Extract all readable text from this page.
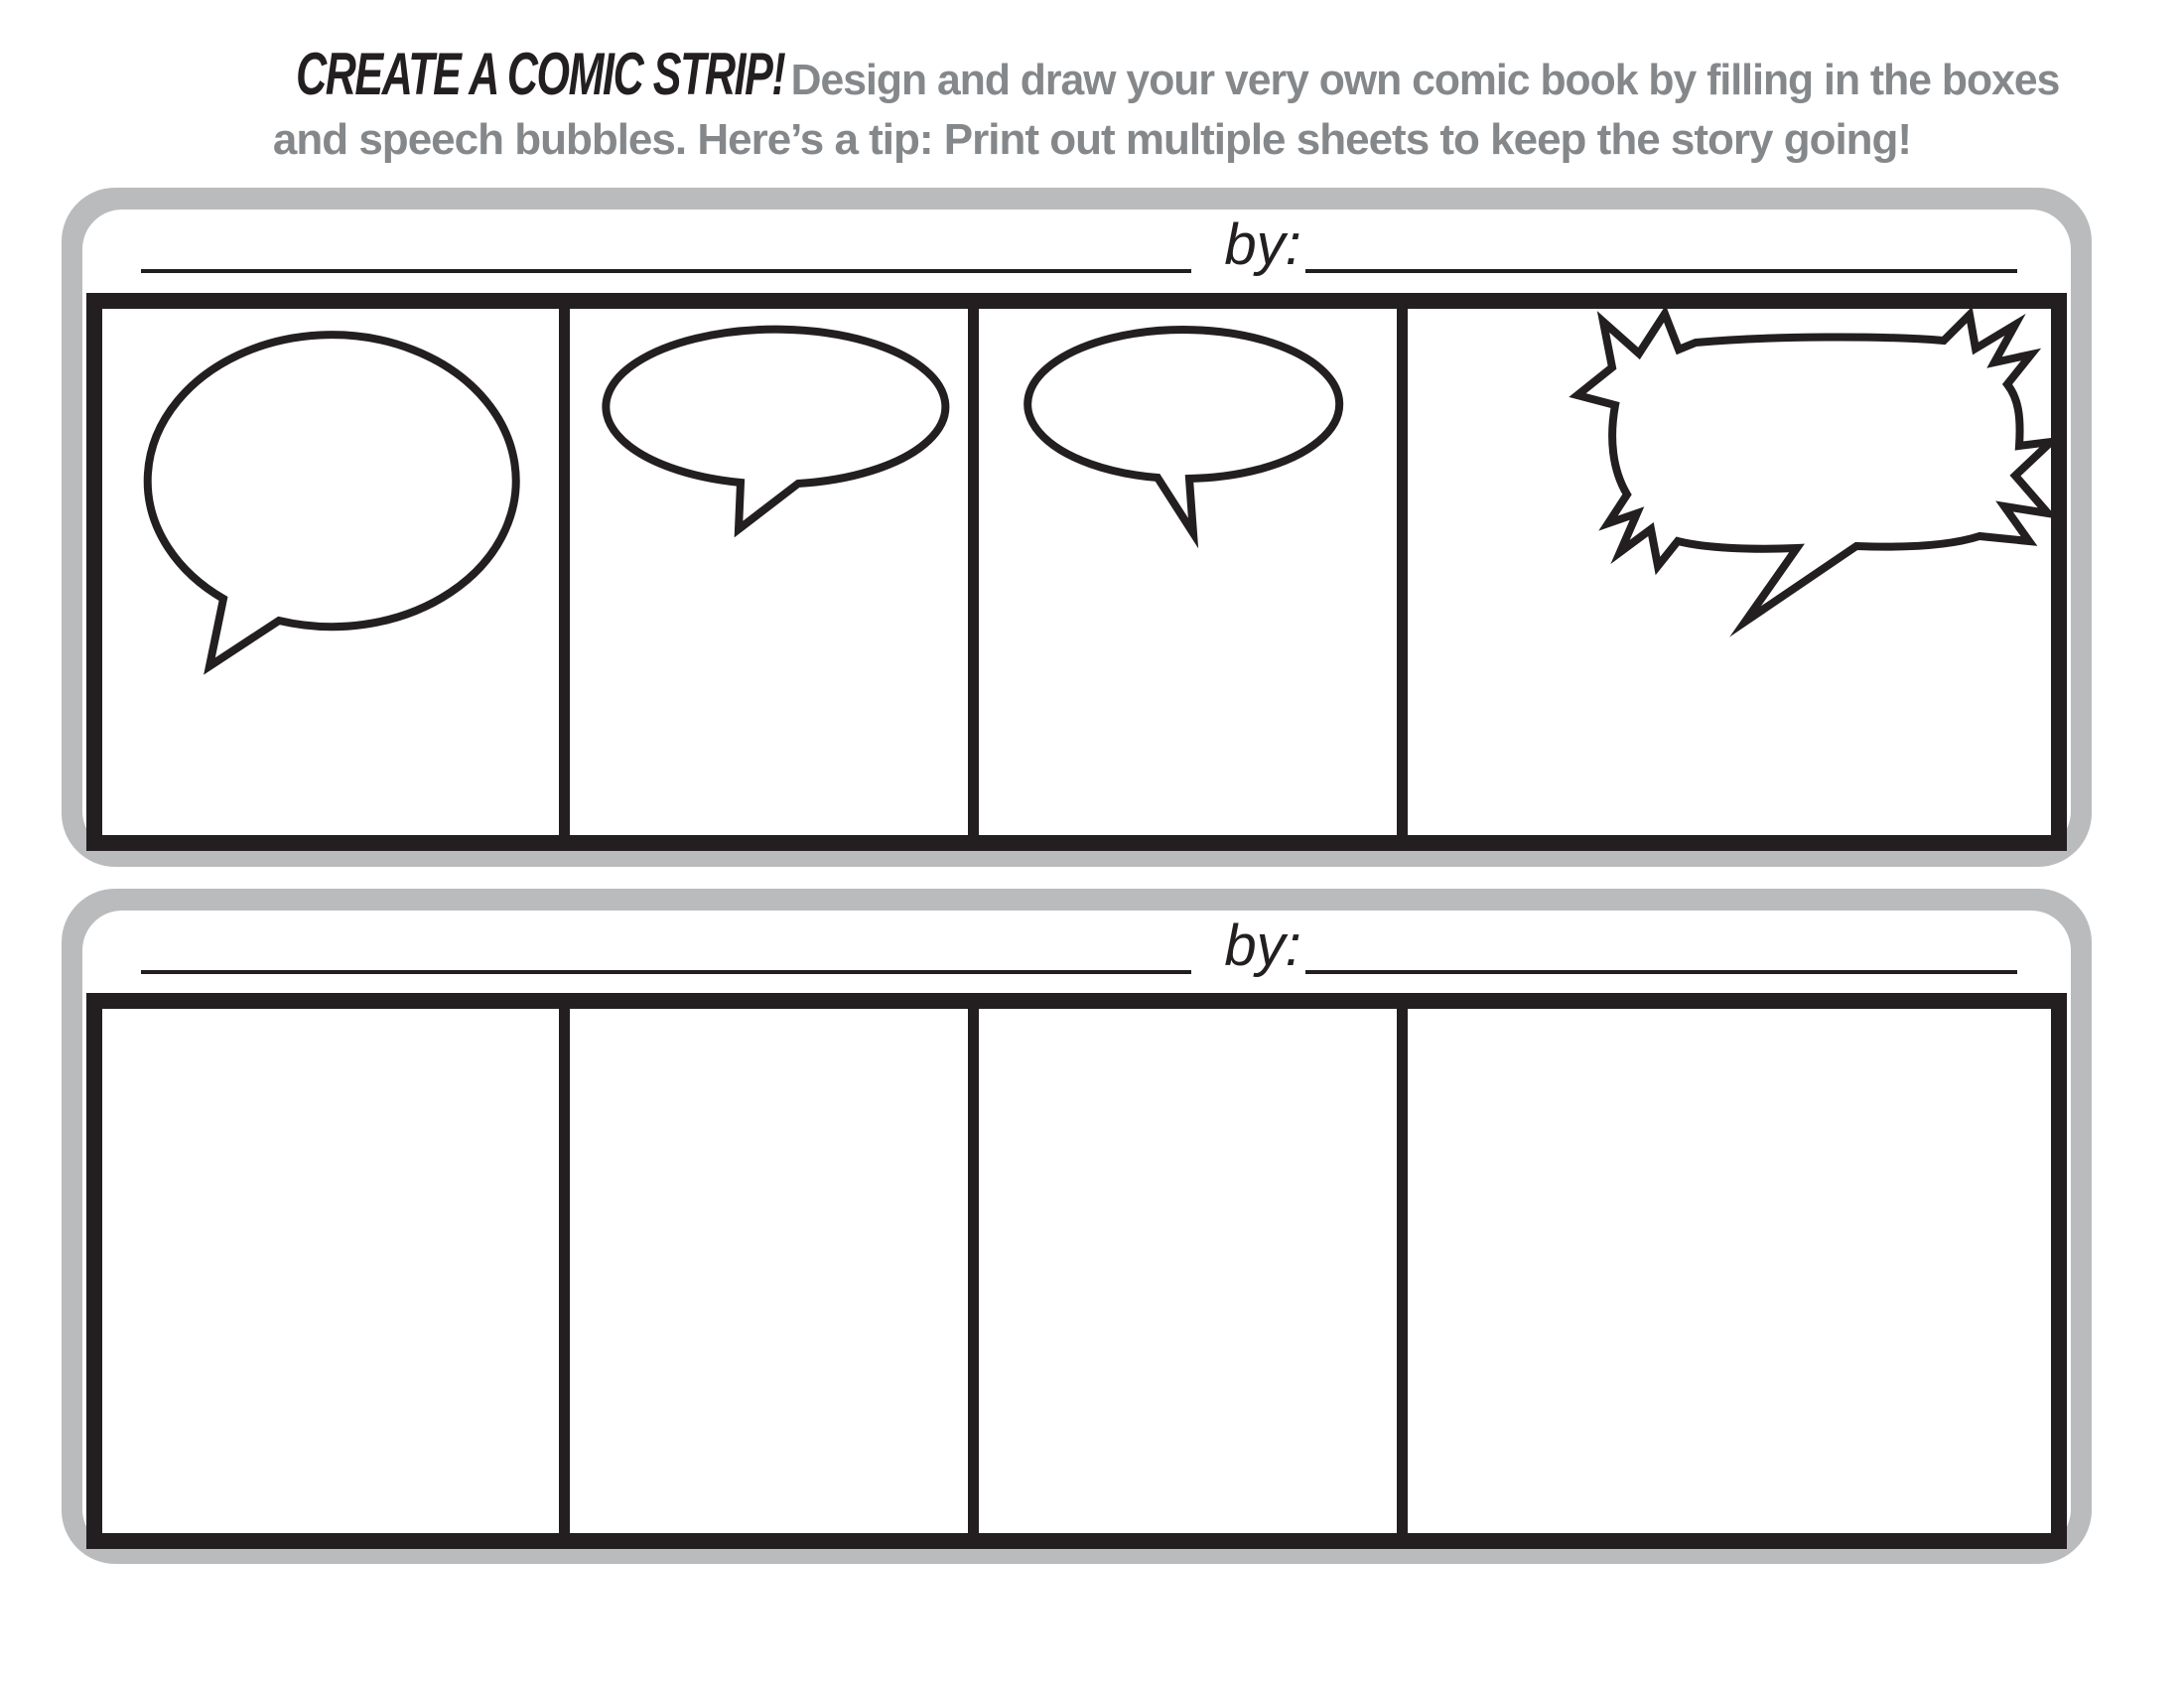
CREATE A COMIC STRIP! Design and draw your very own comic book by filling in the boxes
and speech bubbles. Here’s a tip: Print out multiple sheets to keep the story going!
by:
by:
